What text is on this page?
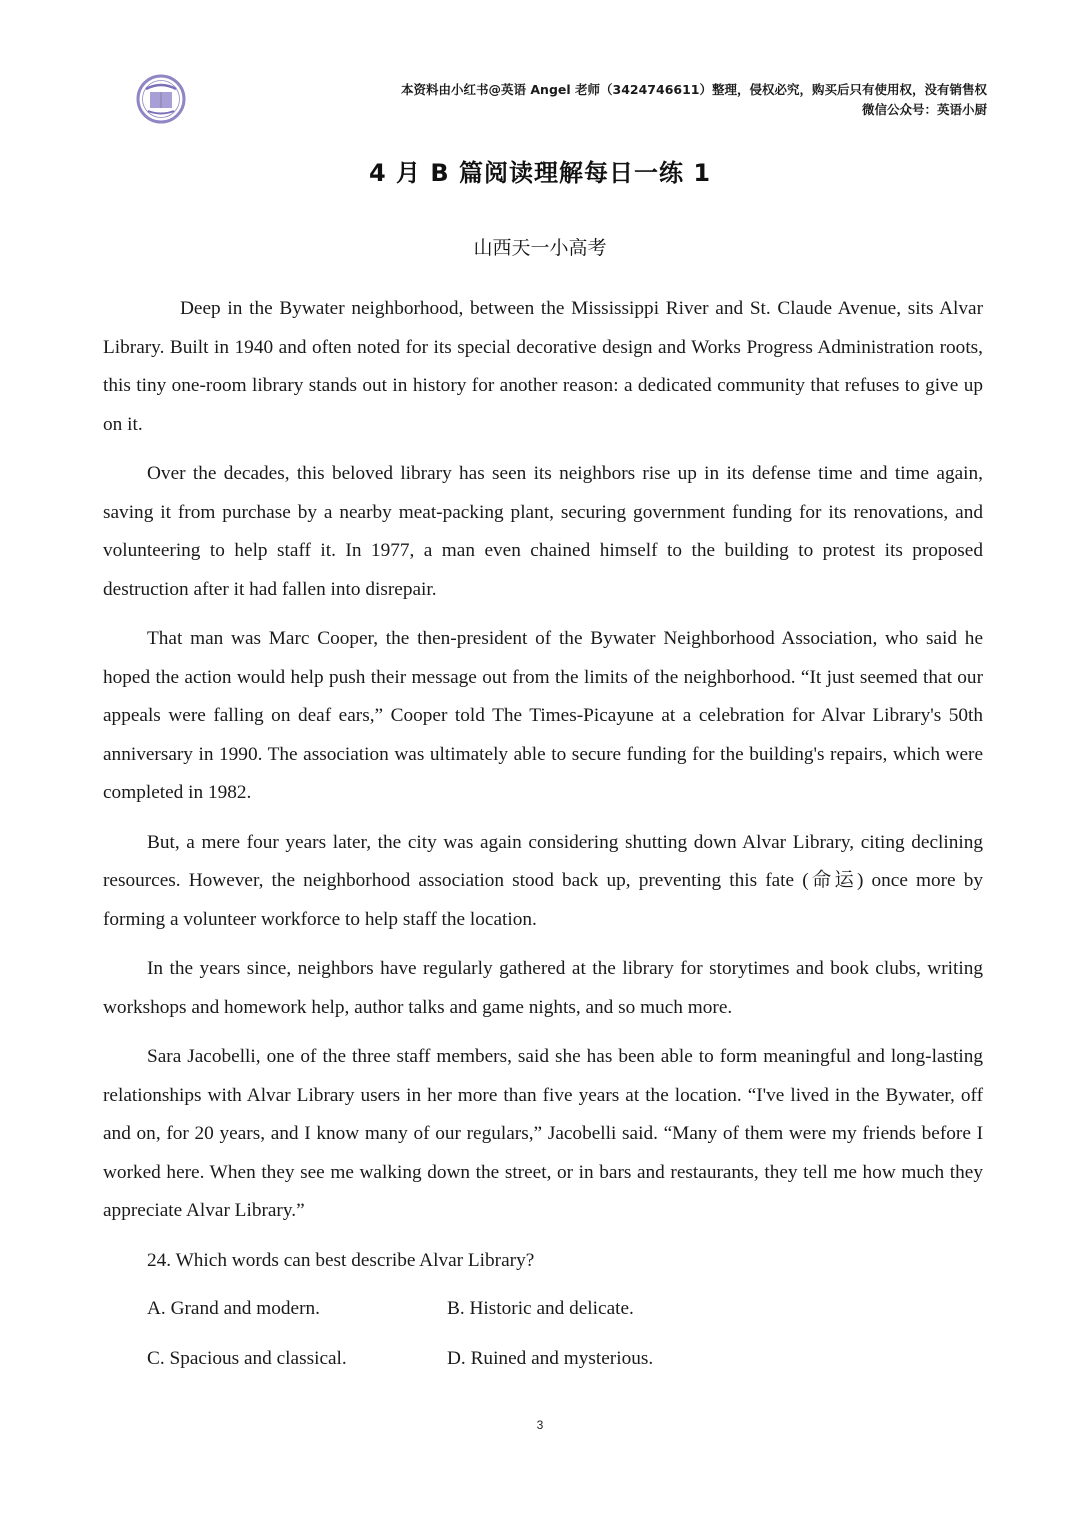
本资料由小红书@英语 Angel 老师（3424746611）整理，侵权必究，购买后只有使用权，没有销售权
微信公众号：英语小厨
4 月 B 篇阅读理解每日一练 1
山西天一小高考

Deep in the Bywater neighborhood, between the Mississippi River and St. Claude Avenue, sits Alvar Library. Built in 1940 and often noted for its special decorative design and Works Progress Administration roots, this tiny one-room library stands out in history for another reason: a dedicated community that refuses to give up on it.

Over the decades, this beloved library has seen its neighbors rise up in its defense time and time again, saving it from purchase by a nearby meat-packing plant, securing government funding for its renovations, and volunteering to help staff it. In 1977, a man even chained himself to the building to protest its proposed destruction after it had fallen into disrepair.

That man was Marc Cooper, the then-president of the Bywater Neighborhood Association, who said he hoped the action would help push their message out from the limits of the neighborhood. “It just seemed that our appeals were falling on deaf ears,” Cooper told The Times-Picayune at a celebration for Alvar Library's 50th anniversary in 1990. The association was ultimately able to secure funding for the building's repairs, which were completed in 1982.

But, a mere four years later, the city was again considering shutting down Alvar Library, citing declining resources. However, the neighborhood association stood back up, preventing this fate (命运) once more by forming a volunteer workforce to help staff the location.

In the years since, neighbors have regularly gathered at the library for storytimes and book clubs, writing workshops and homework help, author talks and game nights, and so much more.

Sara Jacobelli, one of the three staff members, said she has been able to form meaningful and long-lasting relationships with Alvar Library users in her more than five years at the location. “I've lived in the Bywater, off and on, for 20 years, and I know many of our regulars,” Jacobelli said. “Many of them were my friends before I worked here. When they see me walking down the street, or in bars and restaurants, they tell me how much they appreciate Alvar Library.”

24. Which words can best describe Alvar Library?
A. Grand and modern.	B. Historic and delicate.
C. Spacious and classical.	D. Ruined and mysterious.
3
